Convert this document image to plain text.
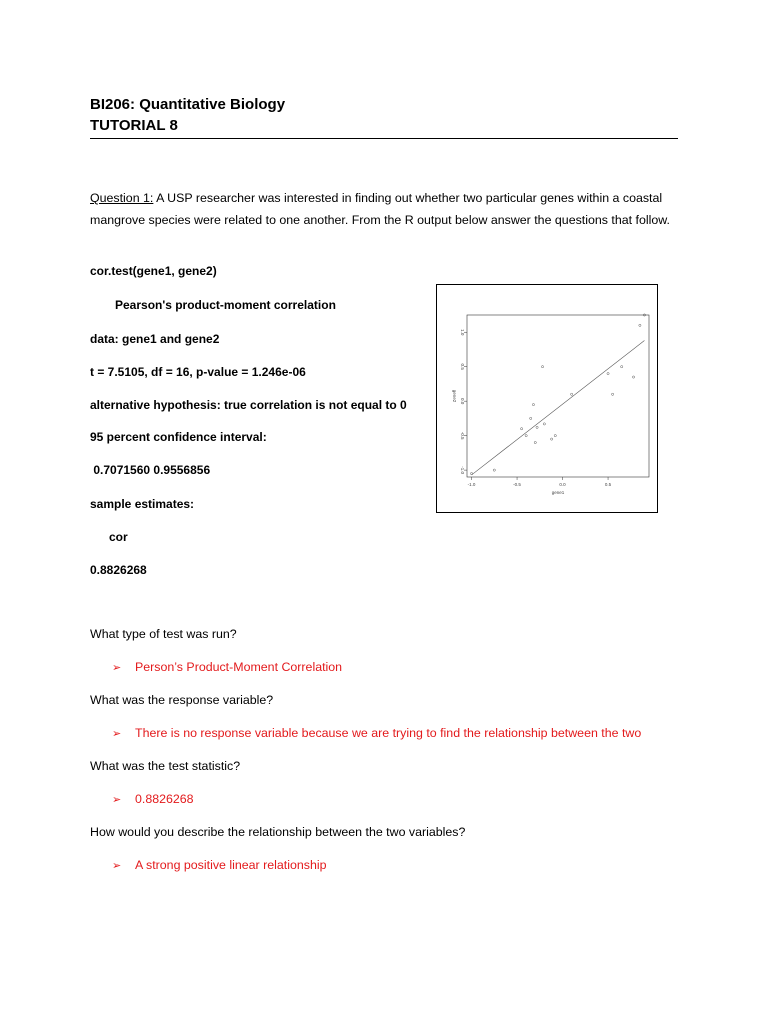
BI206: Quantitative Biology
TUTORIAL 8
Question 1: A USP researcher was interested in finding out whether two particular genes within a coastal mangrove species were related to one another. From the R output below answer the questions that follow.
cor.test(gene1, gene2)
Pearson's product-moment correlation
data: gene1 and gene2
t = 7.5105, df = 16, p-value = 1.246e-06
alternative hypothesis: true correlation is not equal to 0
95 percent confidence interval:
0.7071560 0.9556856
sample estimates:
cor
0.8826268
-1.0	-0.5	0.0	0.5
-1.0
-0.5
0.0
0.5
1.0
gene1
gene2
What type of test was run?
➢ Person’s Product-Moment Correlation
What was the response variable?
➢ There is no response variable because we are trying to find the relationship between the two
What was the test statistic?
➢ 0.8826268
How would you describe the relationship between the two variables?
➢ A strong positive linear relationship
